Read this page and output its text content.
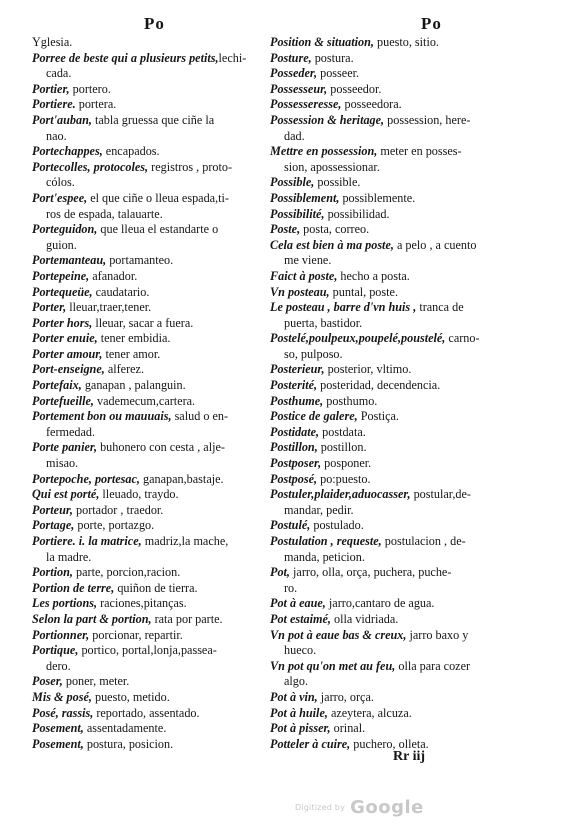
Po	Po
Yglesia.
Porree de beste qui a plusieurs petits,lechi-
cada.
Portier, portero.
Portiere. portera.
Port'auban, tabla gruessa que ciñe la
nao.
Portechappes, encapados.
Portecolles, protocoles, registros , proto-
cólos.
Port'espee, el que ciñe o lleua espada,ti-
ros de espada, talauarte.
Porteguidon, que lleua el estandarte o
guion.
Portemanteau, portamanteo.
Portepeine, afanador.
Portequeüe, caudatario.
Porter, lleuar,traer,tener.
Porter hors, lleuar, sacar a fuera.
Porter enuie, tener embidia.
Porter amour, tener amor.
Port-enseigne, alferez.
Portefaix, ganapan , palanguin.
Portefueille, vademecum,cartera.
Portement bon ou mauuais, salud o en-
fermedad.
Porte panier, buhonero con cesta , alje-
misao.
Portepoche, portesac, ganapan,bastaje.
Qui est porté, lleuado, traydo.
Porteur, portador , traedor.
Portage, porte, portazgo.
Portiere. i. la matrice, madriz,la mache,
la madre.
Portion, parte, porcion,racion.
Portion de terre, quiñon de tierra.
Les portions, raciones,pitanças.
Selon la part & portion, rata por parte.
Portionner, porcionar, repartir.
Portique, portico, portal,lonja,passea-
dero.
Poser, poner, meter.
Mis & posé, puesto, metido.
Posé, rassis, reportado, assentado.
Posement, assentadamente.
Posement, postura, posicion.
Position & situation, puesto, sitio.
Posture, postura.
Posseder, posseer.
Possesseur, posseedor.
Possesseresse, posseedora.
Possession & heritage, possession, here-
dad.
Mettre en possession, meter en posses-
sion, apossessionar.
Possible, possible.
Possiblement, possiblemente.
Possibilité, possibilidad.
Poste, posta, correo.
Cela est bien à ma poste, a pelo , a cuento
me viene.
Faict à poste, hecho a posta.
Vn posteau, puntal, poste.
Le posteau , barre d'vn huis , tranca de
puerta, bastidor.
Postelé,poulpeux,poupelé,poustelé, carno-
so, pulposo.
Posterieur, posterior, vltimo.
Posterité, posteridad, decendencia.
Posthume, posthumo.
Postice de galere, Postiça.
Postidate, postdata.
Postillon, postillon.
Postposer, posponer.
Postposé, po:puesto.
Postuler,plaider,aduocasser, postular,de-
mandar, pedir.
Postulé, postulado.
Postulation , requeste, postulacion , de-
manda, peticion.
Pot, jarro, olla, orça, puchera, puche-
ro.
Pot à eaue, jarro,cantaro de agua.
Pot estaimé, olla vidriada.
Vn pot à eaue bas & creux, jarro baxo y
hueco.
Vn pot qu'on met au feu, olla para cozer
algo.
Pot à vin, jarro, orça.
Pot à huile, azeytera, alcuza.
Pot à pisser, orinal.
Potteler à cuire, puchero, olleta.
Rr iij
Digitized by Google
